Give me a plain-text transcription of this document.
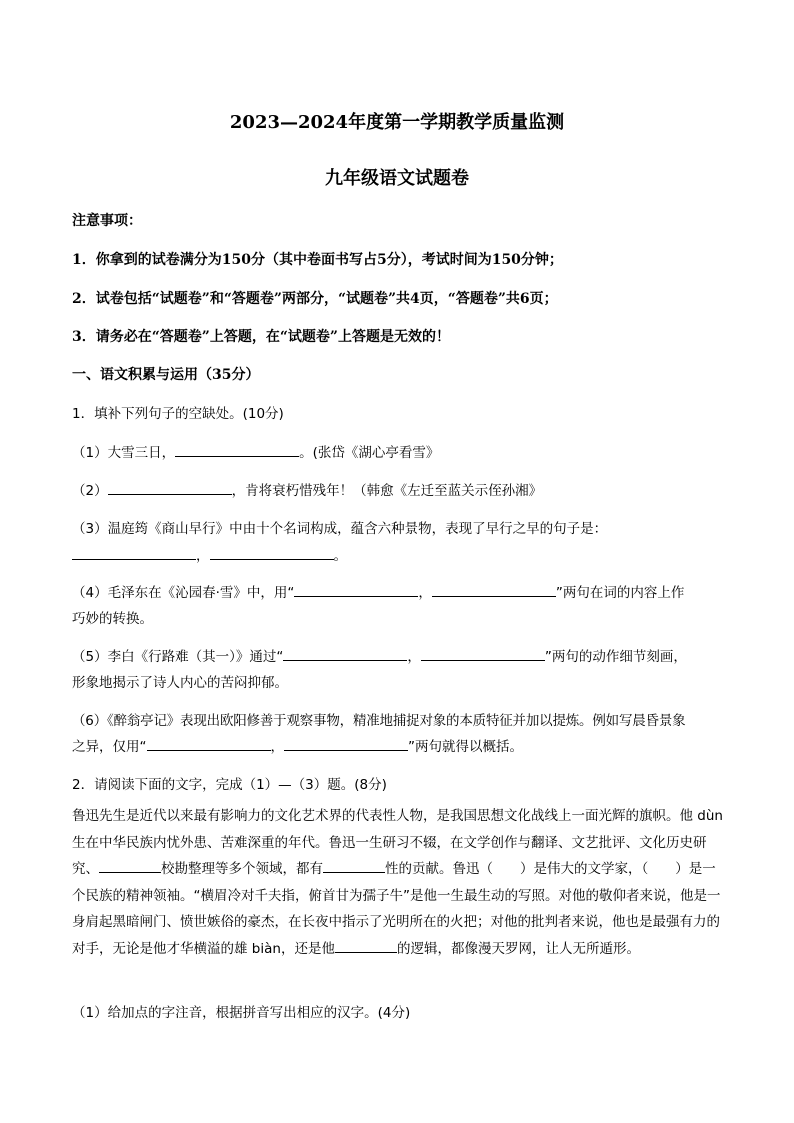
2023—2024年度第一学期教学质量监测
九年级语文试题卷
注意事项：
1．你拿到的试卷满分为150分（其中卷面书写占5分），考试时间为150分钟；
2．试卷包括“试题卷”和“答题卷”两部分，“试题卷”共4页，“答题卷”共6页；
3．请务必在“答题卷”上答题，在“试题卷”上答题是无效的！
一、语文积累与运用（35分）
1．填补下列句子的空缺处。(10分)
（1）大雪三日，	。(张岱《湖心亭看雪》
（2）	，肯将衰朽惜残年！（韩愈《左迁至蓝关示侄孙湘》
（3）温庭筠《商山早行》中由十个名词构成，蕴含六种景物，表现了早行之早的句子是：
，	。
（4）毛泽东在《沁园春·雪》中，用“	，	”两句在词的内容上作
巧妙的转换。
（5）李白《行路难（其一）》通过“	，	”两句的动作细节刻画，
形象地揭示了诗人内心的苦闷抑郁。
（6）《醉翁亭记》表现出欧阳修善于观察事物，精准地捕捉对象的本质特征并加以提炼。例如写晨昏景象
之异，仅用“	，	”两句就得以概括。
2．请阅读下面的文字，完成（1）—（3）题。(8分)
鲁迅先生是近代以来最有影响力的文化艺术界的代表性人物，是我国思想文化战线上一面光辉的旗帜。他 dùn 生在中华民族内忧外患、苦难深重的年代。鲁迅一生研习不辍，在文学创作与翻译、文艺批评、文化历史研究、	校勘整理等多个领域，都有	性的贡献。鲁迅（　　）是伟大的文学家，（　　）是一个民族的精神领袖。“横眉冷对千夫指，俯首甘为孺子牛”是他一生最生动的写照。对他的敬仰者来说，他是一身肩起黑暗闸门、愤世嫉俗的豪杰，在长夜中指示了光明所在的火把；对他的批判者来说，他也是最强有力的对手，无论是他才华横溢的雄 biàn，还是他	的逻辑，都像漫天罗网，让人无所遁形。
（1）给加点的字注音，根据拼音写出相应的汉字。(4分)
